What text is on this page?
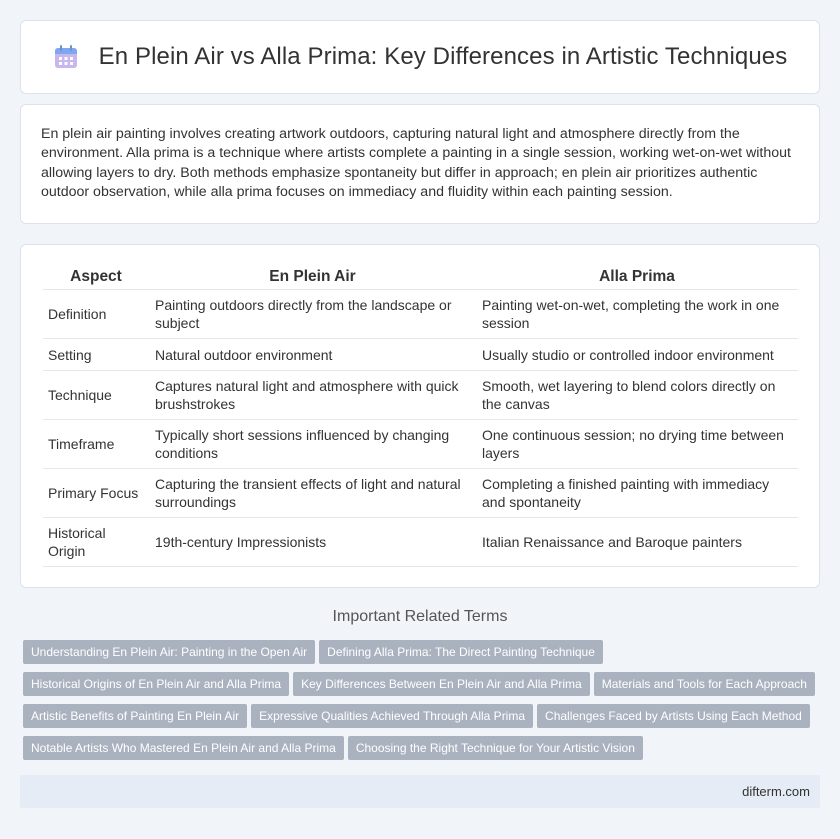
En Plein Air vs Alla Prima: Key Differences in Artistic Techniques

En plein air painting involves creating artwork outdoors, capturing natural light and atmosphere directly from the environment. Alla prima is a technique where artists complete a painting in a single session, working wet-on-wet without allowing layers to dry. Both methods emphasize spontaneity but differ in approach; en plein air prioritizes authentic outdoor observation, while alla prima focuses on immediacy and fluidity within each painting session.

Aspect	En Plein Air	Alla Prima
Definition	Painting outdoors directly from the landscape or subject	Painting wet-on-wet, completing the work in one session
Setting	Natural outdoor environment	Usually studio or controlled indoor environment
Technique	Captures natural light and atmosphere with quick brushstrokes	Smooth, wet layering to blend colors directly on the canvas
Timeframe	Typically short sessions influenced by changing conditions	One continuous session; no drying time between layers
Primary Focus	Capturing the transient effects of light and natural surroundings	Completing a finished painting with immediacy and spontaneity
Historical Origin	19th-century Impressionists	Italian Renaissance and Baroque painters
Important Related Terms
Understanding En Plein Air: Painting in the Open Air Defining Alla Prima: The Direct Painting Technique
Historical Origins of En Plein Air and Alla Prima Key Differences Between En Plein Air and Alla Prima Materials and Tools for Each Approach
Artistic Benefits of Painting En Plein Air Expressive Qualities Achieved Through Alla Prima Challenges Faced by Artists Using Each Method
Notable Artists Who Mastered En Plein Air and Alla Prima Choosing the Right Technique for Your Artistic Vision
difterm.com
